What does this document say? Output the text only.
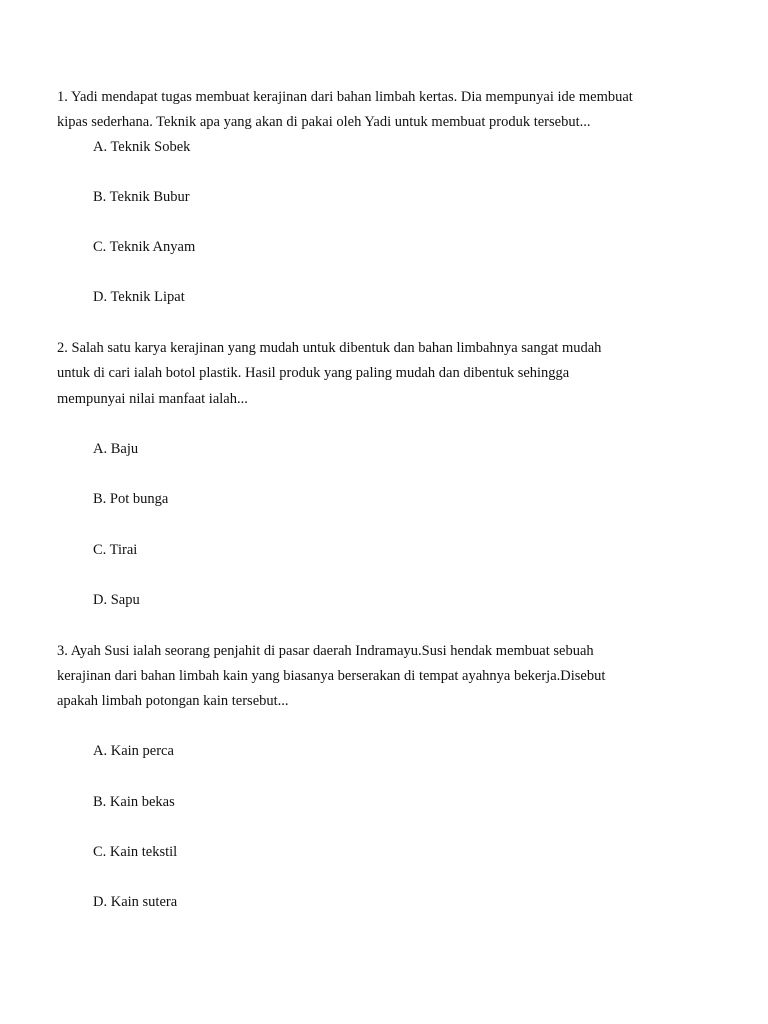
1. Yadi mendapat tugas membuat kerajinan dari bahan limbah kertas. Dia mempunyai ide membuat
kipas sederhana. Teknik apa yang akan di pakai oleh Yadi untuk membuat produk tersebut...
A. Teknik Sobek
B. Teknik Bubur
C. Teknik Anyam
D. Teknik Lipat
2. Salah satu karya kerajinan yang mudah untuk dibentuk dan bahan limbahnya sangat mudah
untuk di cari ialah botol plastik. Hasil produk yang paling mudah dan dibentuk sehingga
mempunyai nilai manfaat ialah...
A. Baju
B. Pot bunga
C. Tirai
D. Sapu
3. Ayah Susi ialah seorang penjahit di pasar daerah Indramayu.Susi hendak membuat sebuah
kerajinan dari bahan limbah kain yang biasanya berserakan di tempat ayahnya bekerja.Disebut
apakah limbah potongan kain tersebut...
A. Kain perca
B. Kain bekas
C. Kain tekstil
D. Kain sutera
